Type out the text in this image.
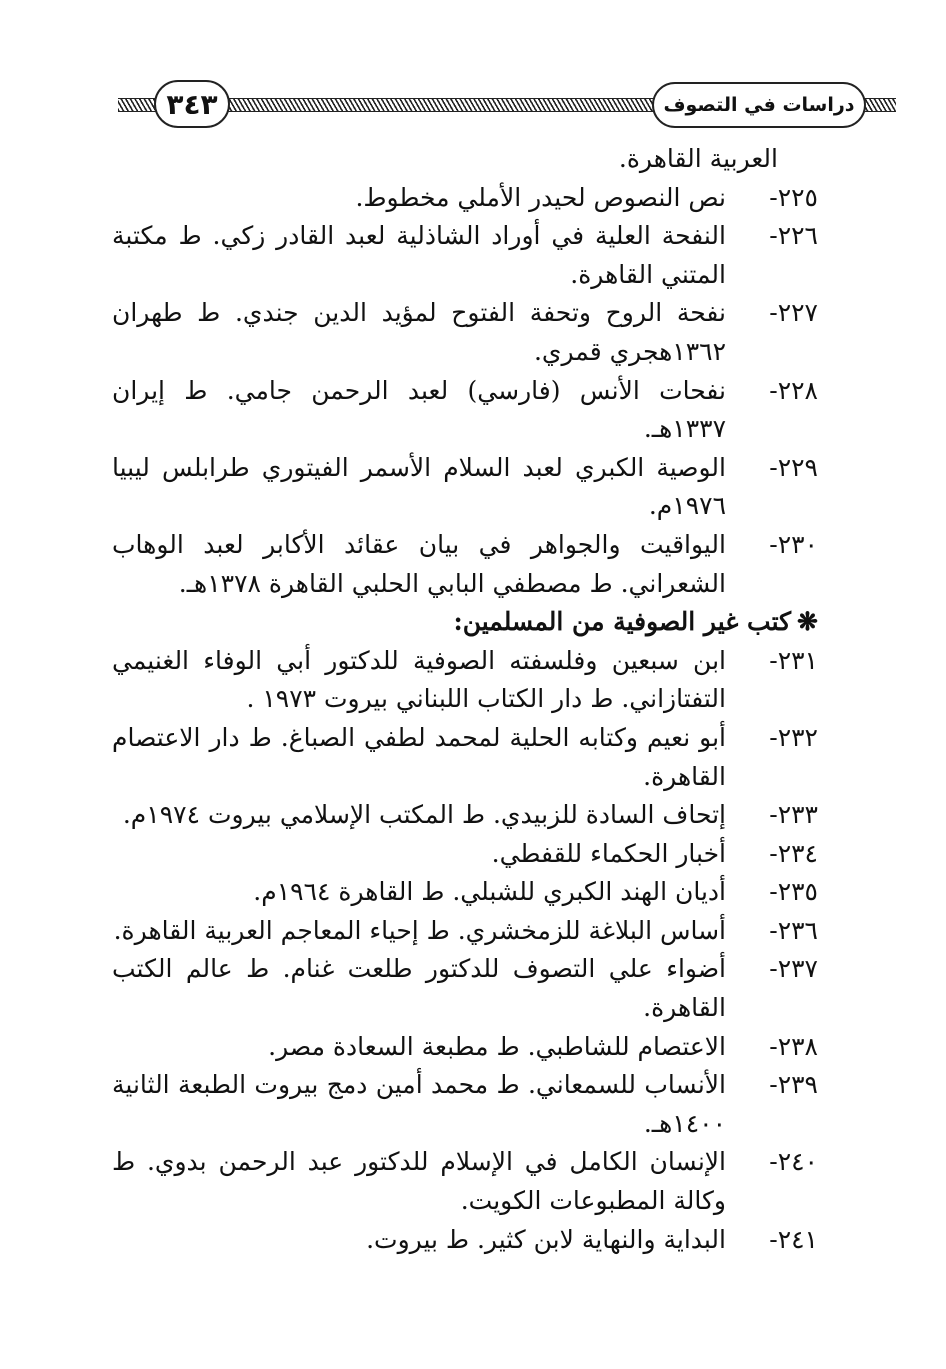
٣٤٣	دراسات في التصوف

العربية القاهرة.

٢٢٥-
نص النصوص لحيدر الأملي مخطوط.

٢٢٦-
النفحة العلية في أوراد الشاذلية لعبد القادر زكي. ط مكتبة المتني القاهرة.

٢٢٧-
نفحة الروح وتحفة الفتوح لمؤيد الدين جندي. ط طهران ١٣٦٢هجري قمري.

٢٢٨-
نفحات الأنس (فارسي) لعبد الرحمن جامي. ط إيران ١٣٣٧هـ.

٢٢٩-
الوصية الكبري لعبد السلام الأسمر الفيتوري طرابلس ليبيا ١٩٧٦م.

٢٣٠-
اليواقيت والجواهر في بيان عقائد الأكابر لعبد الوهاب الشعراني. ط مصطفي البابي الحلبي القاهرة ١٣٧٨هـ.

❋كتب غير الصوفية من المسلمين:

٢٣١-
ابن سبعين وفلسفته الصوفية للدكتور أبي الوفاء الغنيمي التفتازاني. ط دار الكتاب اللبناني بيروت ١٩٧٣ .

٢٣٢-
أبو نعيم وكتابه الحلية لمحمد لطفي الصباغ. ط دار الاعتصام القاهرة.

٢٣٣-
إتحاف السادة للزبيدي. ط المكتب الإسلامي بيروت ١٩٧٤م.

٢٣٤-
أخبار الحكماء للقفطي.

٢٣٥-
أديان الهند الكبري للشبلي. ط القاهرة ١٩٦٤م.

٢٣٦-
أساس البلاغة للزمخشري. ط إحياء المعاجم العربية القاهرة.

٢٣٧-
أضواء علي التصوف للدكتور طلعت غنام. ط عالم الكتب القاهرة.

٢٣٨-
الاعتصام للشاطبي. ط مطبعة السعادة مصر.

٢٣٩-
الأنساب للسمعاني. ط محمد أمين دمج بيروت الطبعة الثانية ١٤٠٠هـ.

٢٤٠-
الإنسان الكامل في الإسلام للدكتور عبد الرحمن بدوي. ط وكالة المطبوعات الكويت.

٢٤١-
البداية والنهاية لابن كثير. ط بيروت.
